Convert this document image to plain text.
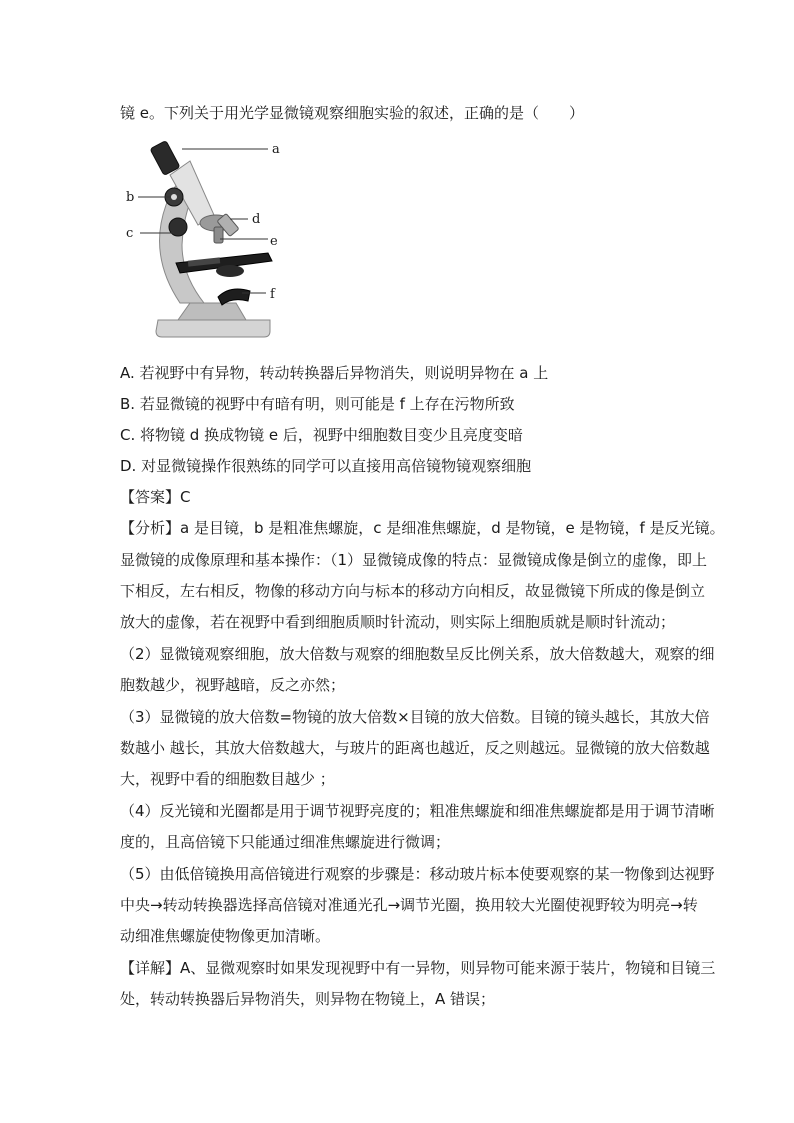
镜 e。下列关于用光学显微镜观察细胞实验的叙述，正确的是（　　）
a
b
c
d
e
f
A. 若视野中有异物，转动转换器后异物消失，则说明异物在 a 上
B. 若显微镜的视野中有暗有明，则可能是 f 上存在污物所致
C. 将物镜 d 换成物镜 e 后，视野中细胞数目变少且亮度变暗
D. 对显微镜操作很熟练的同学可以直接用高倍镜物镜观察细胞
【答案】C
【分析】a 是目镜，b 是粗准焦螺旋，c 是细准焦螺旋，d 是物镜，e 是物镜，f 是反光镜。
显微镜的成像原理和基本操作：（1）显微镜成像的特点：显微镜成像是倒立的虚像，即上
下相反，左右相反，物像的移动方向与标本的移动方向相反，故显微镜下所成的像是倒立
放大的虚像，若在视野中看到细胞质顺时针流动，则实际上细胞质就是顺时针流动；
（2）显微镜观察细胞，放大倍数与观察的细胞数呈反比例关系，放大倍数越大，观察的细
胞数越少，视野越暗，反之亦然；
（3）显微镜的放大倍数=物镜的放大倍数×目镜的放大倍数。目镜的镜头越长，其放大倍
数越小 越长，其放大倍数越大，与玻片的距离也越近，反之则越远。显微镜的放大倍数越
大，视野中看的细胞数目越少 ；
（4）反光镜和光圈都是用于调节视野亮度的；粗准焦螺旋和细准焦螺旋都是用于调节清晰
度的，且高倍镜下只能通过细准焦螺旋进行微调；
（5）由低倍镜换用高倍镜进行观察的步骤是：移动玻片标本使要观察的某一物像到达视野
中央→转动转换器选择高倍镜对准通光孔→调节光圈，换用较大光圈使视野较为明亮→转
动细准焦螺旋使物像更加清晰。
【详解】A、显微观察时如果发现视野中有一异物，则异物可能来源于装片，物镜和目镜三
处，转动转换器后异物消失，则异物在物镜上，A 错误；
